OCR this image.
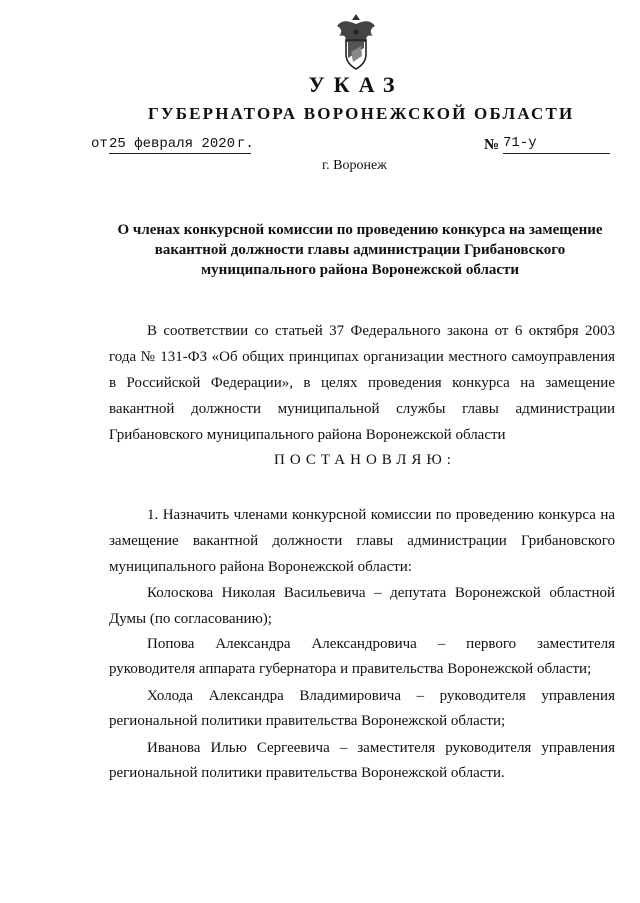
УКАЗ
ГУБЕРНАТОРА ВОРОНЕЖСКОЙ ОБЛАСТИ
от 25 февраля 2020 г.	№ 71-у
г. Воронеж
О членах конкурсной комиссии по проведению конкурса на замещение
вакантной должности главы администрации Грибановского
муниципального района Воронежской области
В соответствии со статьей 37 Федерального закона от 6 октября 2003
года № 131-ФЗ «Об общих принципах организации местного самоуправления
в Российской Федерации», в целях проведения конкурса на замещение
вакантной должности муниципальной службы главы администрации
Грибановского муниципального района Воронежской области
ПОСТАНОВЛЯЮ:
1. Назначить членами конкурсной комиссии по проведению конкурса на
замещение вакантной должности главы администрации Грибановского
муниципального района Воронежской области:
Колоскова Николая Васильевича – депутата Воронежской областной
Думы (по согласованию);
Попова Александра Александровича – первого заместителя
руководителя аппарата губернатора и правительства Воронежской области;
Холода Александра Владимировича – руководителя управления
региональной политики правительства Воронежской области;
Иванова Илью Сергеевича – заместителя руководителя управления
региональной политики правительства Воронежской области.
